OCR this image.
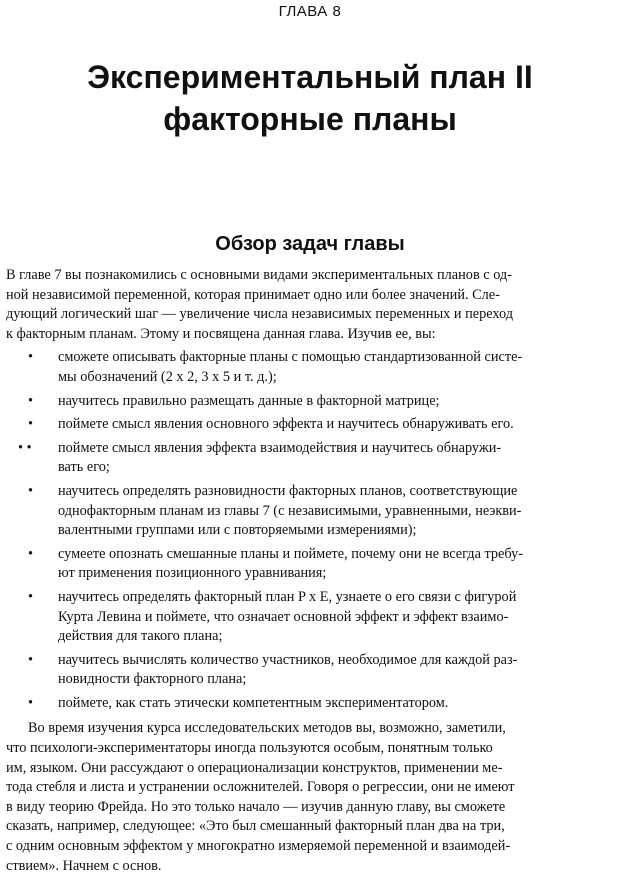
ГЛАВА 8
Экспериментальный план II
факторные планы
Обзор задач главы

В главе 7 вы познакомились с основными видами экспериментальных планов с од-
ной независимой переменной, которая принимает одно или более значений. Сле-
дующий логический шаг — увеличение числа независимых переменных и переход
к факторным планам. Этому и посвящена данная глава. Изучив ее, вы:

•	сможете описывать факторные планы с помощью стандартизованной систе-
мы обозначений (2 x 2, 3 x 5 и т. д.);
•	научитесь правильно размещать данные в факторной матрице;
•	поймете смысл явления основного эффекта и научитесь обнаруживать его.
• •	поймете смысл явления эффекта взаимодействия и научитесь обнаружи-
вать его;
•	научитесь определять разновидности факторных планов, соответствующие
однофакторным планам из главы 7 (с независимыми, уравненными, неэкви-
валентными группами или с повторяемыми измерениями);
•	сумеете опознать смешанные планы и поймете, почему они не всегда требу-
ют применения позиционного уравнивания;
•	научитесь определять факторный план P x E, узнаете о его связи с фигурой
Курта Левина и поймете, что означает основной эффект и эффект взаимо-
действия для такого плана;
•	научитесь вычислять количество участников, необходимое для каждой раз-
новидности факторного плана;
•	поймете, как стать этически компетентным экспериментатором.

Во время изучения курса исследовательских методов вы, возможно, заметили,
что психологи-экспериментаторы иногда пользуются особым, понятным только
им, языком. Они рассуждают о операционализации конструктов, применении ме-
тода стебля и листа и устранении осложнителей. Говоря о регрессии, они не имеют
в виду теорию Фрейда. Но это только начало — изучив данную главу, вы сможете
сказать, например, следующее: «Это был смешанный факторный план два на три,
с одним основным эффектом у многократно измеряемой переменной и взаимодей-
ствием». Начнем с основ.
